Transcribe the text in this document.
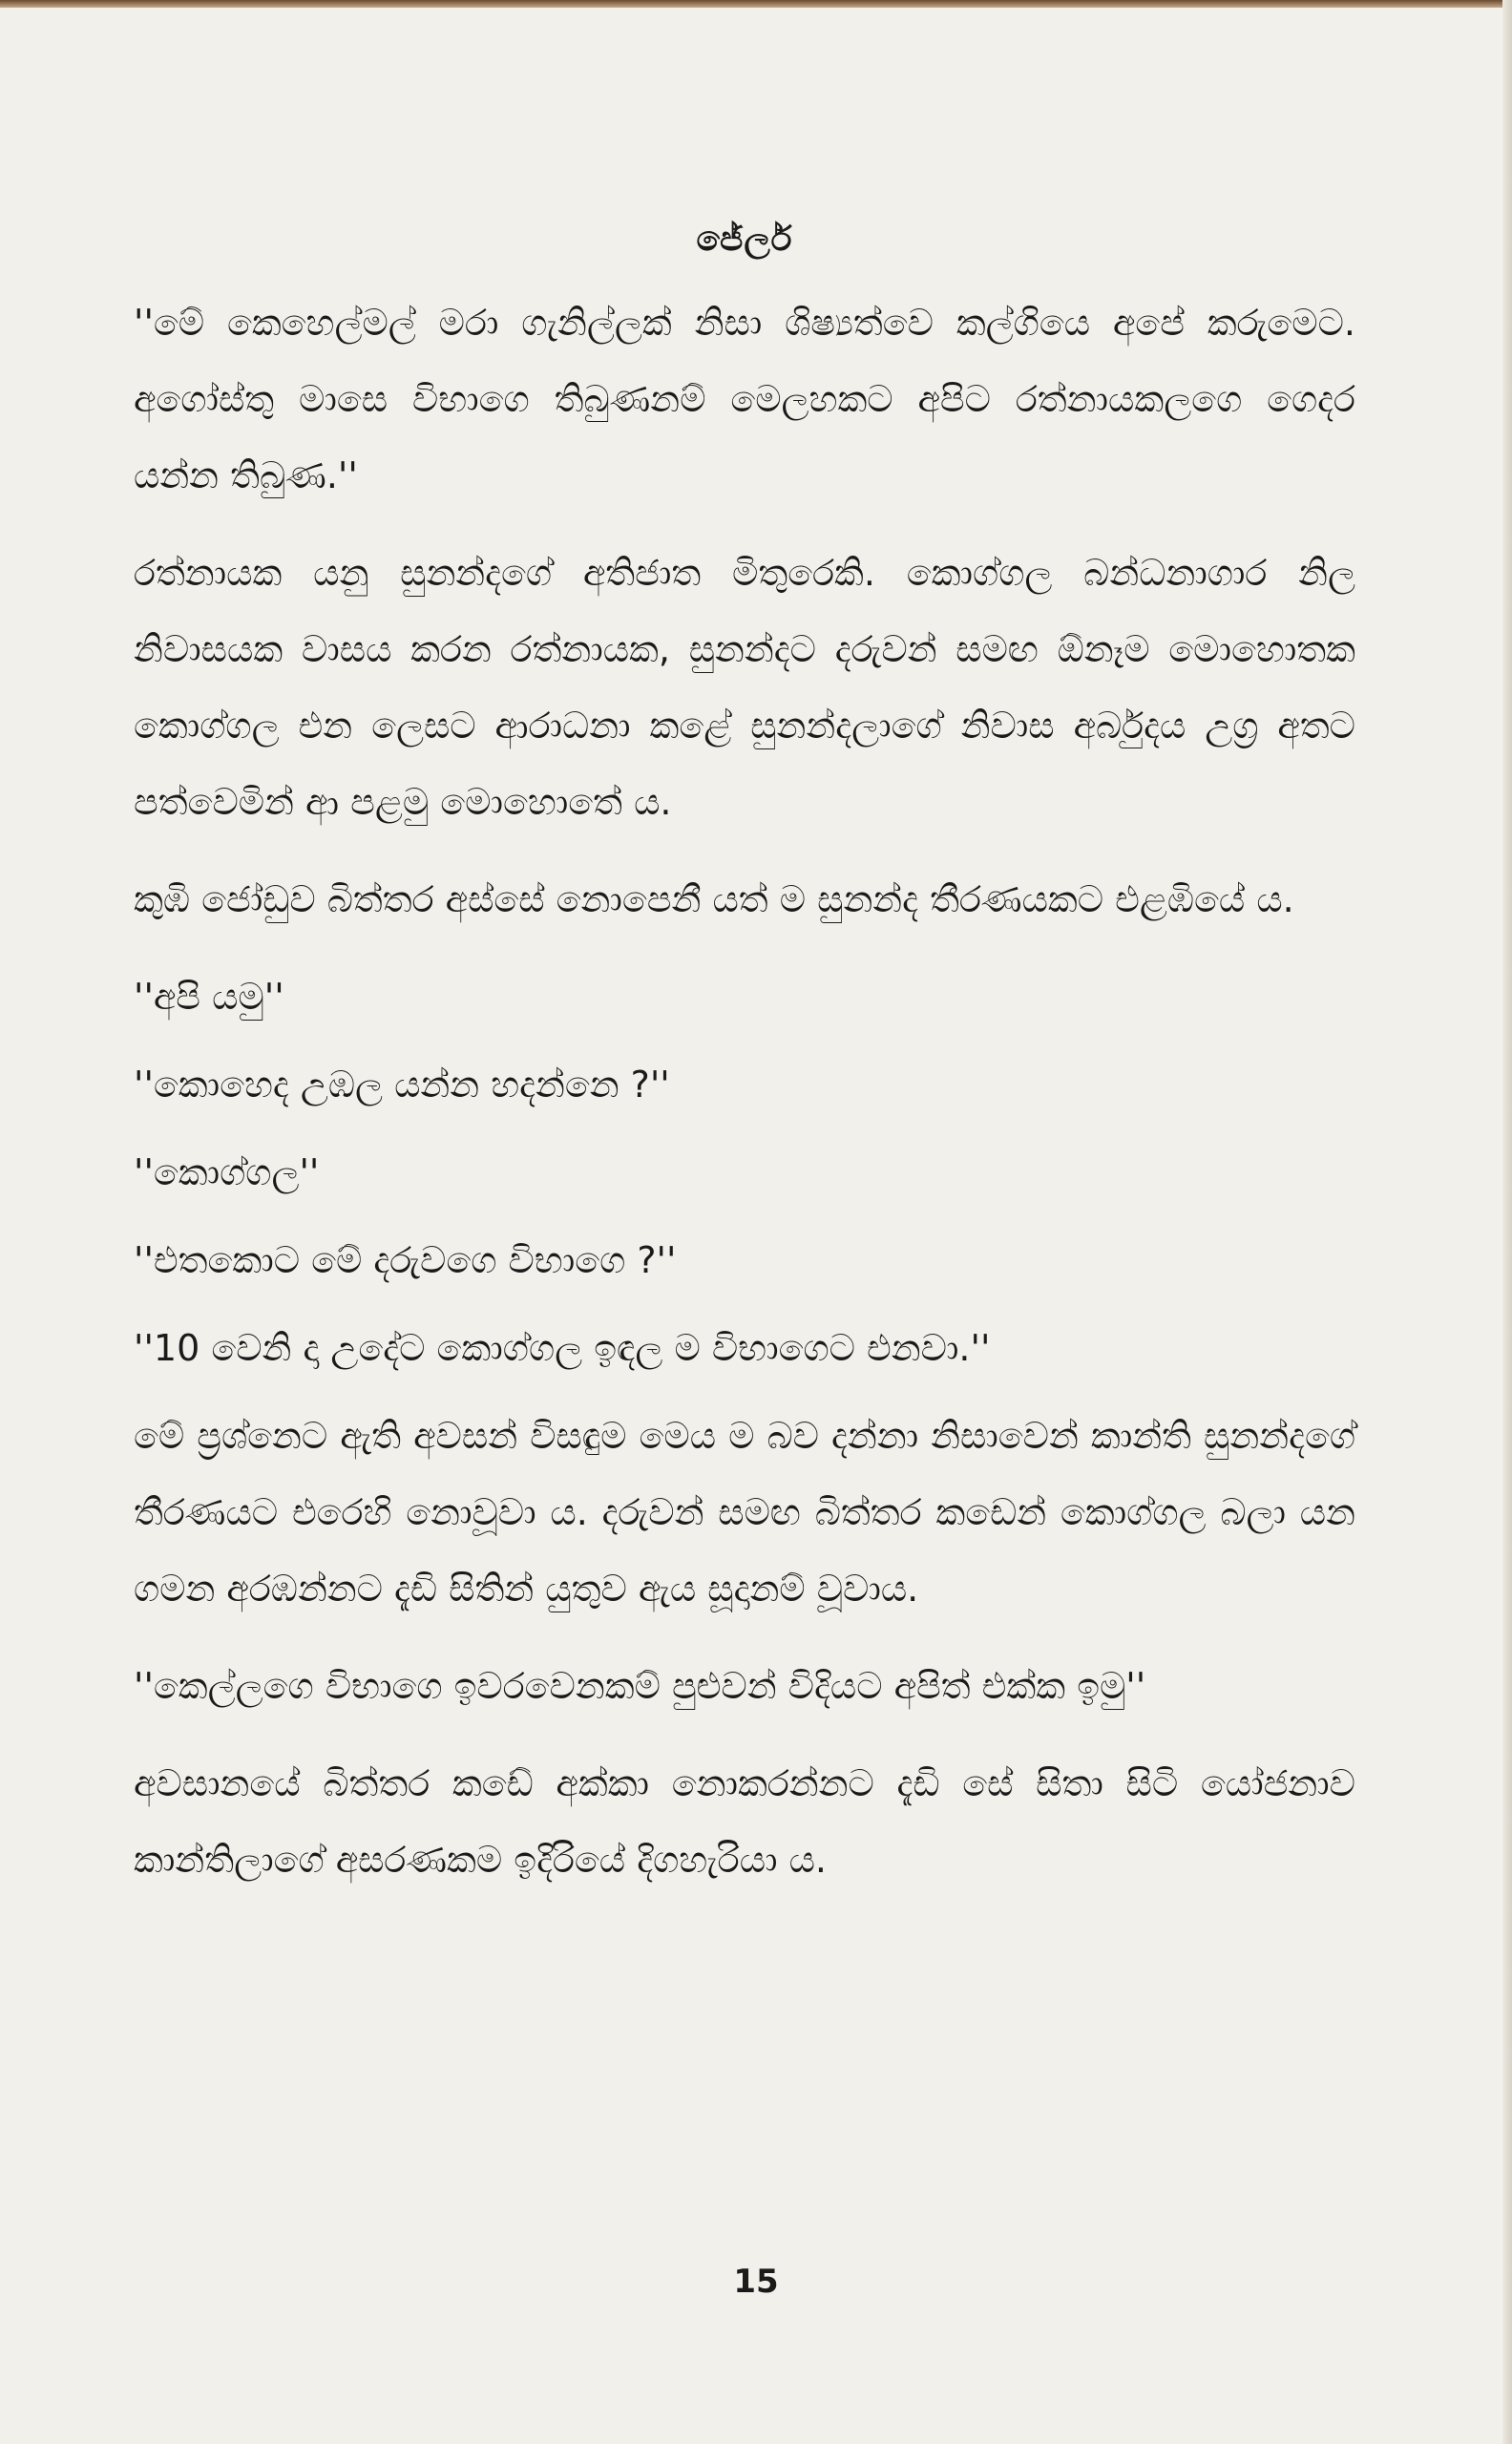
ජේලර්

''මේ කෙහෙල්මල් මරා ගැනිල්ලක් නිසා ශිෂ්‍යත්වෙ කල්ගියෙ අපේ කරුමෙට. අගෝස්තු මාසෙ විභාගෙ තිබුණනම් මෙලහකට අපිට රත්නායකලගෙ ගෙදර යන්න තිබුණ.''

රත්නායක යනු සුනන්දගේ අතිජාත මිතුරෙකි. කොග්ගල බන්ධනාගාර නිල නිවාසයක වාසය කරන රත්නායක, සුනන්දට දරුවන් සමඟ ඕනෑම මොහොතක කොග්ගල එන ලෙසට ආරාධනා කළේ සුනන්දලාගේ නිවාස අර්බුදය උග්‍ර අතට පත්වෙමින් ආ පළමු මොහොතේ ය.

කුඹි ජෝඩුව බිත්තර අස්සේ නොපෙනී යත් ම සුනන්ද තීරණයකට එළඹියේ ය.

''අපි යමු''

''කොහෙද උඹල යන්න හදන්නෙ ?''

''කොග්ගල''

''එතකොට මේ දරුවගෙ විභාගෙ ?''

''10 වෙනි දා උදේට කොග්ගල ඉඳල ම විභාගෙට එනවා.''

මේ ප්‍රශ්නෙට ඇති අවසන් විසඳුම මෙය ම බව දන්නා නිසාවෙන් කාන්ති සුනන්දගේ තීරණයට එරෙහි නොවූවා ය. දරුවන් සමඟ බිත්තර කඩෙන් කොග්ගල බලා යන ගමන අරඹන්නට දැඩි සිතින් යුතුව ඇය සූදානම් වූවාය.

''කෙල්ලගෙ විභාගෙ ඉවරවෙනකම් පුළුවන් විදියට අපිත් එක්ක ඉමු''

අවසානයේ බිත්තර කඩේ අක්කා නොකරන්නට දැඩි සේ සිතා සිටි යෝජනාව කාන්තිලාගේ අසරණකම ඉදිරියේ දිගහැරියා ය.

15
